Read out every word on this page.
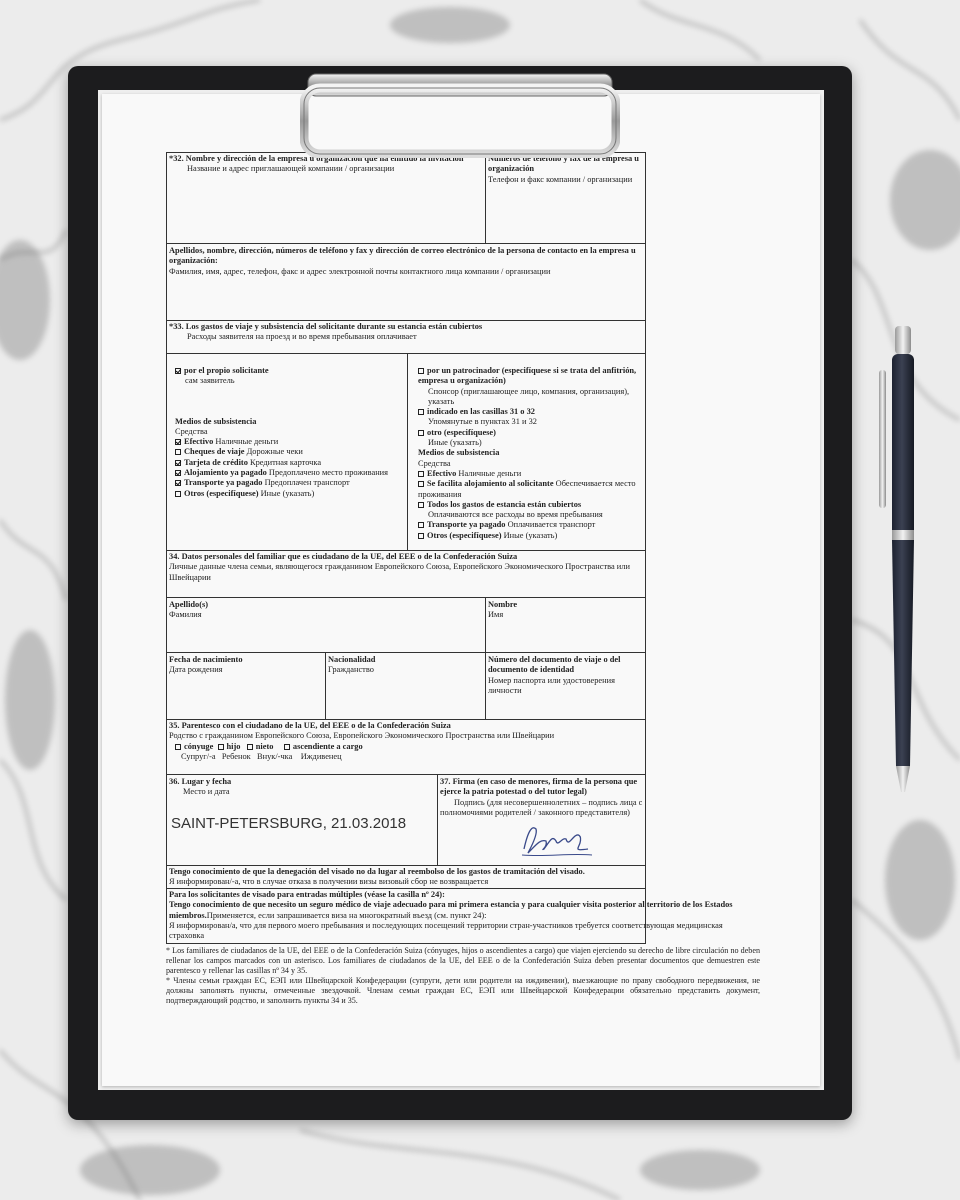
*32. Nombre y dirección de la empresa u organización que ha emitido la invitación
Название и адрес приглашающей компании / организации
Números de teléfono y fax de la empresa u organización
Телефон и факс компании / организации
Apellidos, nombre, dirección, números de teléfono y fax y dirección de correo electrónico de la persona de contacto en la empresa u organización:
Фамилия, имя, адрес, телефон, факс и адрес электронной почты контактного лица компании / организации
*33. Los gastos de viaje y subsistencia del solicitante durante su estancia están cubiertos
Расходы заявителя на проезд и во время пребывания оплачивает
por el propio solicitante
сам заявитель
Medios de subsistencia
Средства
Efectivo Наличные деньги
Cheques de viaje Дорожные чеки
Tarjeta de crédito Кредитная карточка
Alojamiento ya pagado Предоплачено место проживания
Transporte ya pagado Предоплачен транспорт
Otros (especifíquese) Иные (указать)
por un patrocinador (especifíquese si se trata del anfitrión, empresa u organización)
Спонсор (приглашающее лицо, компания, организация), указать
indicado en las casillas 31 o 32
Упомянутые в пунктах 31 и 32
otro (especifíquese)
Иные (указать)
Medios de subsistencia
Средства
Efectivo Наличные деньги
Se facilita alojamiento al solicitante Обеспечивается место проживания
Todos los gastos de estancia están cubiertos
Оплачиваются все расходы во время пребывания
Transporte ya pagado Оплачивается транспорт
Otros (especifíquese) Иные (указать)
34. Datos personales del familiar que es ciudadano de la UE, del EEE o de la Confederación Suiza
Личные данные члена семьи, являющегося гражданином Европейского Союза, Европейского Экономического Пространства или Швейцарии
Apellido(s)
Фамилия
Nombre
Имя
Fecha de nacimiento
Дата рождения
Nacionalidad
Гражданство
Número del documento de viaje o del documento de identidad
Номер паспорта или удостоверения личности
35. Parentesco con el ciudadano de la UE, del EEE o de la Confederación Suiza
Родство с гражданином Европейского Союза, Европейского Экономического Пространства или Швейцарии
cónyuge hijo nieto ascendiente a cargo
Супруг/-а Ребенок Внук/-чка Иждивенец
36. Lugar y fecha
Место и дата
SAINT-PETERSBURG, 21.03.2018
37. Firma (en caso de menores, firma de la persona que ejerce la patria potestad o del tutor legal)
Подпись (для несовершеннолетних – подпись лица с полномочиями родителей / законного представителя)
Tengo conocimiento de que la denegación del visado no da lugar al reembolso de los gastos de tramitación del visado.
Я информирован/-а, что в случае отказа в получении визы визовый сбор не возвращается
Para los solicitantes de visado para entradas múltiples (véase la casilla nº 24):
Tengo conocimiento de que necesito un seguro médico de viaje adecuado para mi primera estancia y para cualquier visita posterior al territorio de los Estados miembros.Применяется, если запрашивается виза на многократный въезд (см. пункт 24):
Я информирован/а, что для первого моего пребывания и последующих посещений территории стран-участников требуется соответствующая медицинская страховка
* Los familiares de ciudadanos de la UE, del EEE o de la Confederación Suiza (cónyuges, hijos o ascendientes a cargo) que viajen ejerciendo su derecho de libre circulación no deben rellenar los campos marcados con un asterisco. Los familiares de ciudadanos de la UE, del EEE o de la Confederación Suiza deben presentar documentos que demuestren este parentesco y rellenar las casillas nº 34 y 35.
* Члены семьи граждан ЕС, ЕЭП или Швейцарской Конфедерации (супруги, дети или родители на иждивении), выезжающие по праву свободного передвижения, не должны заполнять пункты, отмеченные звездочкой. Членам семьи граждан ЕС, ЕЭП или Швейцарской Конфедерации обязательно представить документ, подтверждающий родство, и заполнить пункты 34 и 35.
